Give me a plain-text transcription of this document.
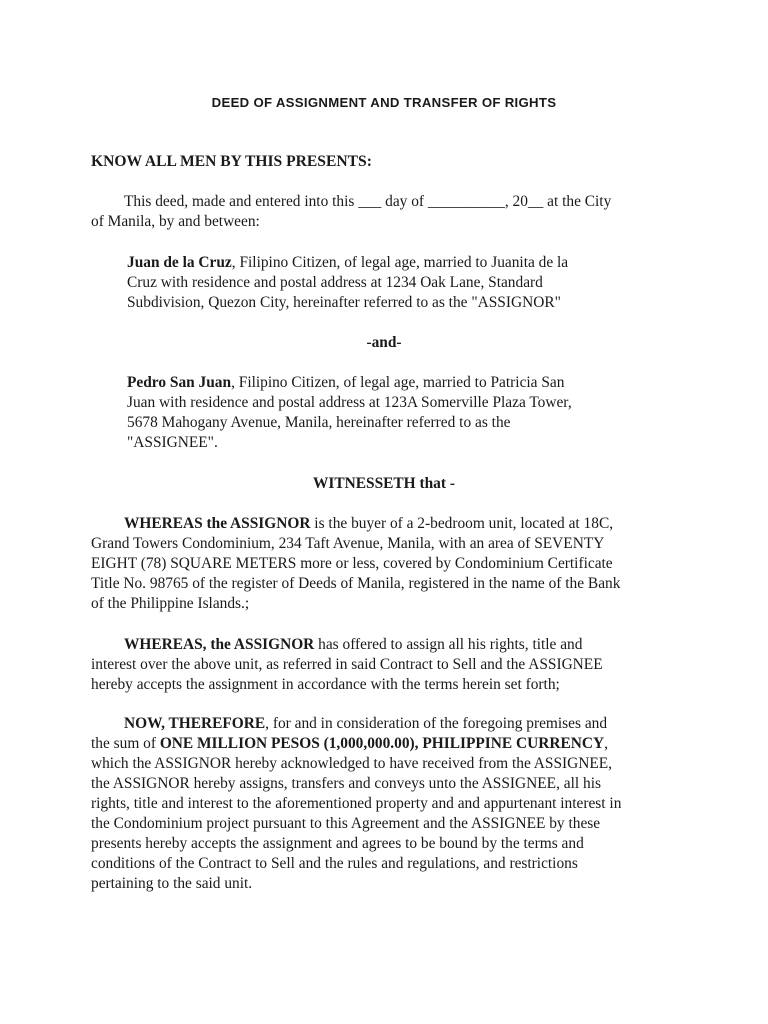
DEED OF ASSIGNMENT AND TRANSFER OF RIGHTS

KNOW ALL MEN BY THIS PRESENTS:

This deed, made and entered into this ___ day of __________, 20__ at the City
of Manila, by and between:
Juan de la Cruz, Filipino Citizen, of legal age, married to Juanita de la
Cruz with residence and postal address at 1234 Oak Lane, Standard
Subdivision, Quezon City, hereinafter referred to as the "ASSIGNOR"

-and-

Pedro San Juan, Filipino Citizen, of legal age, married to Patricia San
Juan with residence and postal address at 123A Somerville Plaza Tower,
5678 Mahogany Avenue, Manila, hereinafter referred to as the
"ASSIGNEE".

WITNESSETH that -

WHEREAS the ASSIGNOR is the buyer of a 2-bedroom unit, located at 18C,
Grand Towers Condominium, 234 Taft Avenue, Manila, with an area of SEVENTY
EIGHT (78) SQUARE METERS more or less, covered by Condominium Certificate
Title No. 98765 of the register of Deeds of Manila, registered in the name of the Bank
of the Philippine Islands.;
WHEREAS, the ASSIGNOR has offered to assign all his rights, title and
interest over the above unit, as referred in said Contract to Sell and the ASSIGNEE
hereby accepts the assignment in accordance with the terms herein set forth;
NOW, THEREFORE, for and in consideration of the foregoing premises and
the sum of ONE MILLION PESOS (1,000,000.00), PHILIPPINE CURRENCY,
which the ASSIGNOR hereby acknowledged to have received from the ASSIGNEE,
the ASSIGNOR hereby assigns, transfers and conveys unto the ASSIGNEE, all his
rights, title and interest to the aforementioned property and and appurtenant interest in
the Condominium project pursuant to this Agreement and the ASSIGNEE by these
presents hereby accepts the assignment and agrees to be bound by the terms and
conditions of the Contract to Sell and the rules and regulations, and restrictions
pertaining to the said unit.
